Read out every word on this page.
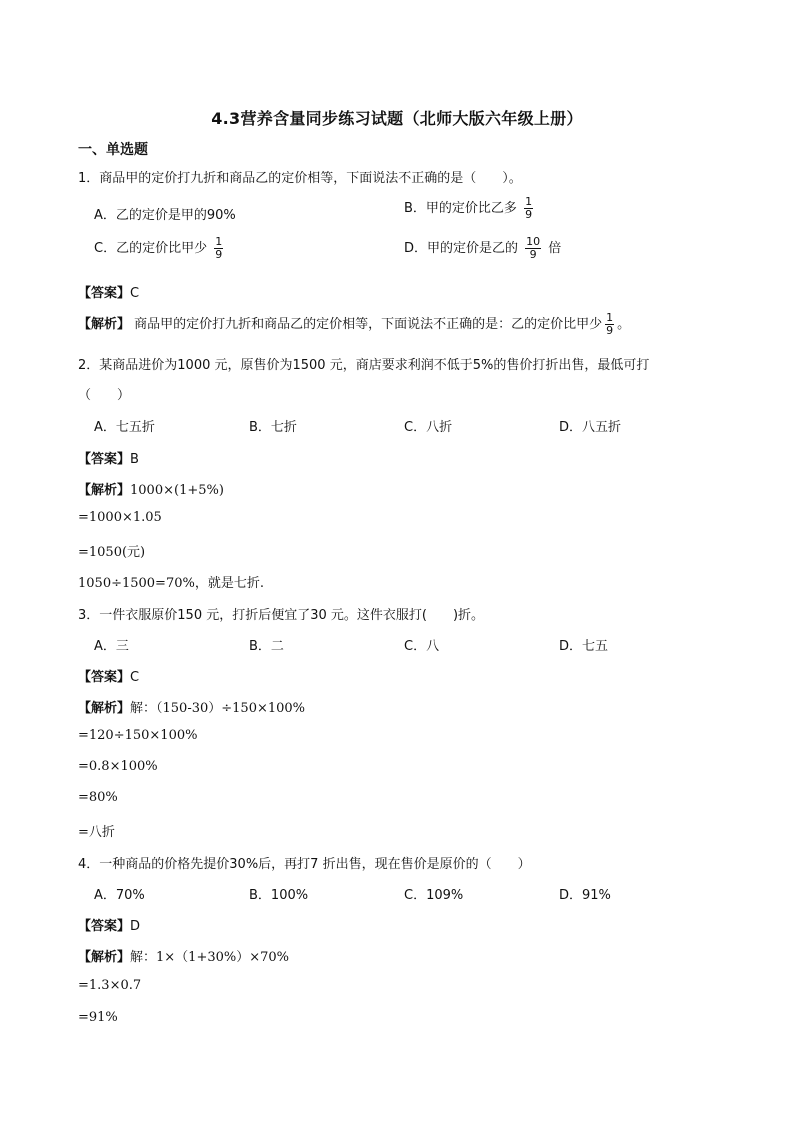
4.3营养含量同步练习试题（北师大版六年级上册）
一、单选题
1．商品甲的定价打九折和商品乙的定价相等，下面说法不正确的是（　　）。
A．乙的定价是甲的90%	B．甲的定价比乙多 $\frac{1}{9}$
C．乙的定价比甲少 $\frac{1}{9}$	D．甲的定价是乙的 $\frac{10}{9}$ 倍
【答案】C
【解析】 商品甲的定价打九折和商品乙的定价相等，下面说法不正确的是：乙的定价比甲少 $\frac{1}{9}$ 。
2．某商品进价为1000 元，原售价为1500 元，商店要求利润不低于5%的售价打折出售，最低可打
（　　）
A．七五折	B．七折	C．八折	D．八五折
【答案】B
【解析】1000×(1+5%)
=1000×1.05
=1050(元)
1050÷1500=70%，就是七折.
3．一件衣服原价150 元，打折后便宜了30 元。这件衣服打(　　)折。
A．三	B．二	C．八	D．七五
【答案】C
【解析】解：（150-30）÷150×100%
=120÷150×100%
=0.8×100%
=80%
=八折
4．一种商品的价格先提价30%后，再打7 折出售，现在售价是原价的（　　）
A．70%	B．100%	C．109%	D．91%
【答案】D
【解析】解：1×（1+30%）×70%
=1.3×0.7
=91%
